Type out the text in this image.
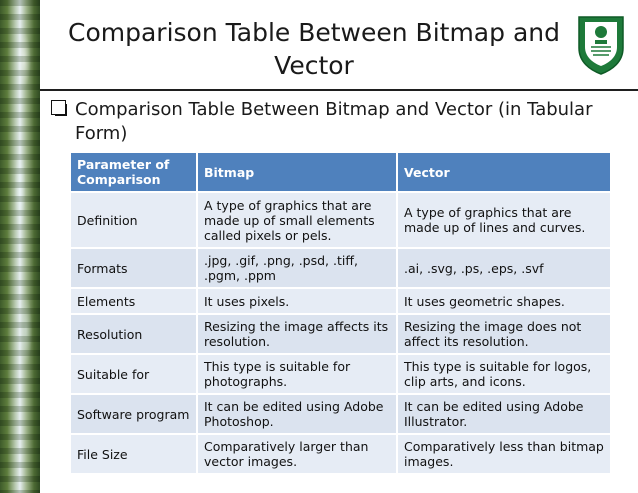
Comparison Table Between Bitmap and Vector
Comparison Table Between Bitmap and Vector (in Tabular Form)
Parameter of Comparison	Bitmap	Vector
Definition	A type of graphics that are made up of small elements called pixels or pels.	A type of graphics that are made up of lines and curves.
Formats	.jpg, .gif, .png, .psd, .tiff, .pgm, .ppm	.ai, .svg, .ps, .eps, .svf
Elements	It uses pixels.	It uses geometric shapes.
Resolution	Resizing the image affects its resolution.	Resizing the image does not affect its resolution.
Suitable for	This type is suitable for photographs.	This type is suitable for logos, clip arts, and icons.
Software program	It can be edited using Adobe Photoshop.	It can be edited using Adobe Illustrator.
File Size	Comparatively larger than vector images.	Comparatively less than bitmap images.
